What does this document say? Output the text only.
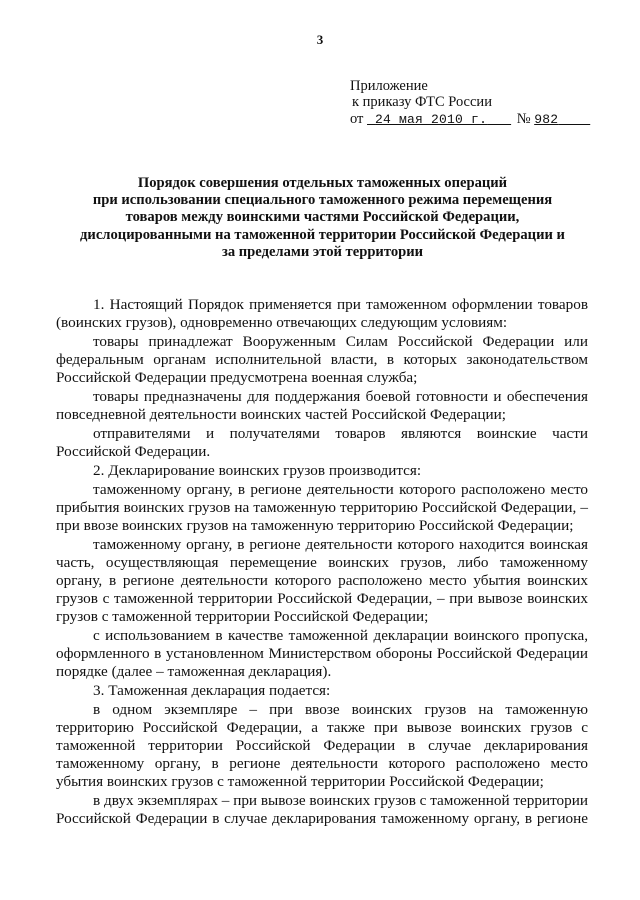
3
Приложение
к приказу ФТС России
от 24 мая 2010 г. № 982
Порядок совершения отдельных таможенных операций
при использовании специального таможенного режима перемещения
товаров между воинскими частями Российской Федерации,
дислоцированными на таможенной территории Российской Федерации и
за пределами этой территории

1. Настоящий Порядок применяется при таможенном оформлении товаров (воинских грузов), одновременно отвечающих следующим условиям:

товары принадлежат Вооруженным Силам Российской Федерации или федеральным органам исполнительной власти, в которых законодательством Российской Федерации предусмотрена военная служба;

товары предназначены для поддержания боевой готовности и обеспечения повседневной деятельности воинских частей Российской Федерации;

отправителями и получателями товаров являются воинские части Российской Федерации.

2. Декларирование воинских грузов производится:

таможенному органу, в регионе деятельности которого расположено место прибытия воинских грузов на таможенную территорию Российской Федерации, – при ввозе воинских грузов на таможенную территорию Российской Федерации;

таможенному органу, в регионе деятельности которого находится воинская часть, осуществляющая перемещение воинских грузов, либо таможенному органу, в регионе деятельности которого расположено место убытия воинских грузов с таможенной территории Российской Федерации, – при вывозе воинских грузов с таможенной территории Российской Федерации;

с использованием в качестве таможенной декларации воинского пропуска, оформленного в установленном Министерством обороны Российской Федерации порядке (далее – таможенная декларация).

3. Таможенная декларация подается:

в одном экземпляре – при ввозе воинских грузов на таможенную территорию Российской Федерации, а также при вывозе воинских грузов с таможенной территории Российской Федерации в случае декларирования таможенному органу, в регионе деятельности которого расположено место убытия воинских грузов с таможенной территории Российской Федерации;

в двух экземплярах – при вывозе воинских грузов с таможенной территории Российской Федерации в случае декларирования таможенному органу, в регионе
